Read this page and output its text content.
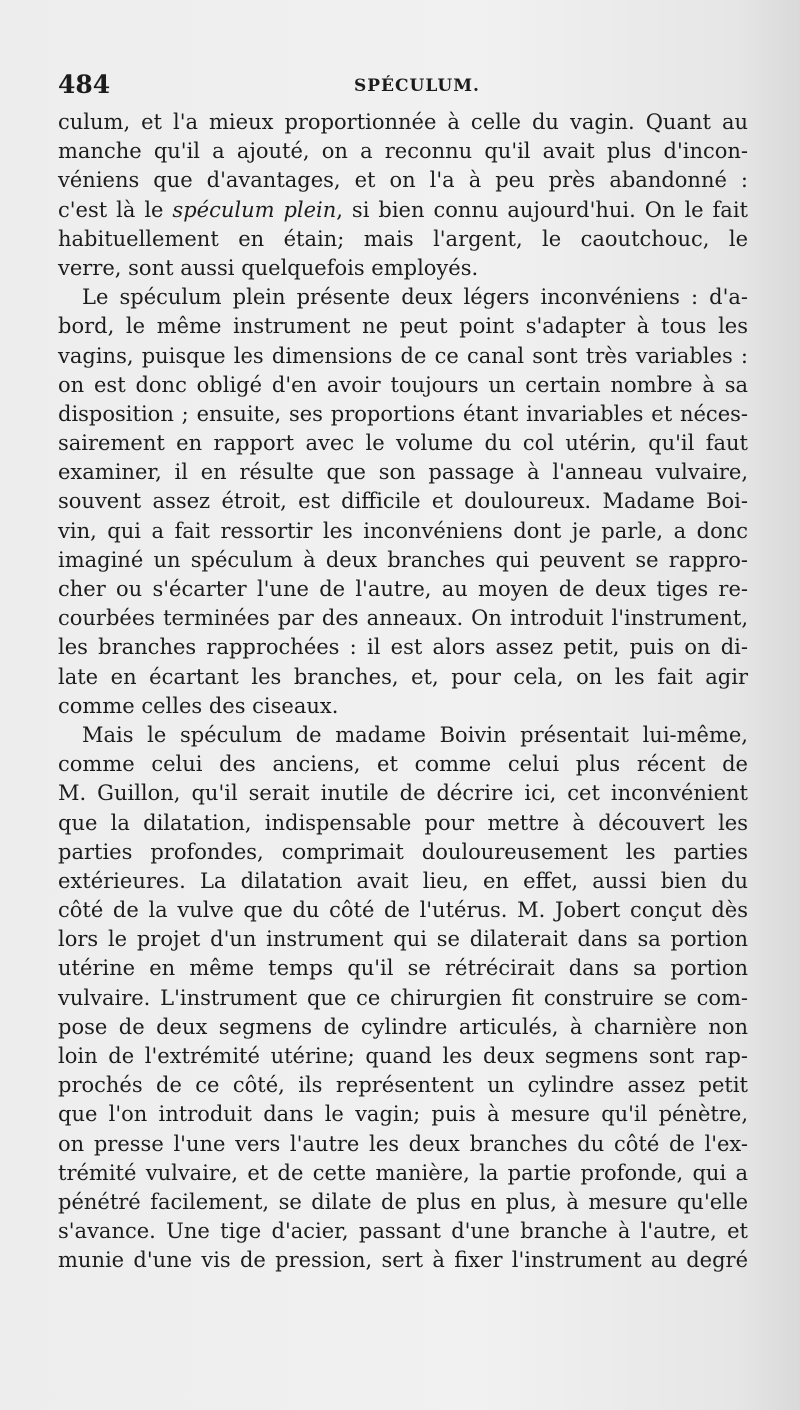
484	SPÉCULUM.
culum, et l'a mieux proportionnée à celle du vagin. Quant au
manche qu'il a ajouté, on a reconnu qu'il avait plus d'incon-
véniens que d'avantages, et on l'a à peu près abandonné :
c'est là le spéculum plein, si bien connu aujourd'hui. On le fait
habituellement en étain; mais l'argent, le caoutchouc, le
verre, sont aussi quelquefois employés.
Le spéculum plein présente deux légers inconvéniens : d'a-
bord, le même instrument ne peut point s'adapter à tous les
vagins, puisque les dimensions de ce canal sont très variables :
on est donc obligé d'en avoir toujours un certain nombre à sa
disposition ; ensuite, ses proportions étant invariables et néces-
sairement en rapport avec le volume du col utérin, qu'il faut
examiner, il en résulte que son passage à l'anneau vulvaire,
souvent assez étroit, est difficile et douloureux. Madame Boi-
vin, qui a fait ressortir les inconvéniens dont je parle, a donc
imaginé un spéculum à deux branches qui peuvent se rappro-
cher ou s'écarter l'une de l'autre, au moyen de deux tiges re-
courbées terminées par des anneaux. On introduit l'instrument,
les branches rapprochées : il est alors assez petit, puis on di-
late en écartant les branches, et, pour cela, on les fait agir
comme celles des ciseaux.
Mais le spéculum de madame Boivin présentait lui-même,
comme celui des anciens, et comme celui plus récent de
M. Guillon, qu'il serait inutile de décrire ici, cet inconvénient
que la dilatation, indispensable pour mettre à découvert les
parties profondes, comprimait douloureusement les parties
extérieures. La dilatation avait lieu, en effet, aussi bien du
côté de la vulve que du côté de l'utérus. M. Jobert conçut dès
lors le projet d'un instrument qui se dilaterait dans sa portion
utérine en même temps qu'il se rétrécirait dans sa portion
vulvaire. L'instrument que ce chirurgien fit construire se com-
pose de deux segmens de cylindre articulés, à charnière non
loin de l'extrémité utérine; quand les deux segmens sont rap-
prochés de ce côté, ils représentent un cylindre assez petit
que l'on introduit dans le vagin; puis à mesure qu'il pénètre,
on presse l'une vers l'autre les deux branches du côté de l'ex-
trémité vulvaire, et de cette manière, la partie profonde, qui a
pénétré facilement, se dilate de plus en plus, à mesure qu'elle
s'avance. Une tige d'acier, passant d'une branche à l'autre, et
munie d'une vis de pression, sert à fixer l'instrument au degré
